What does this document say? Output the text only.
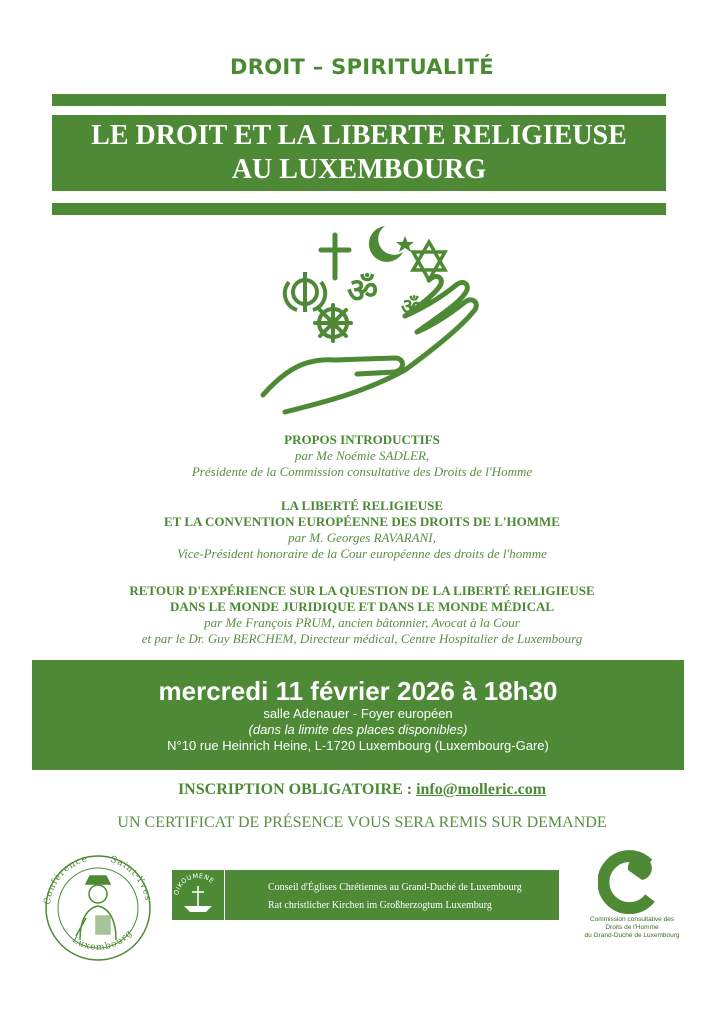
DROIT – SPIRITUALITÉ
LE DROIT ET LA LIBERTE RELIGIEUSE
AU LUXEMBOURG
ॐ ॐ
PROPOS INTRODUCTIFS
par Me Noémie SADLER,
Présidente de la Commission consultative des Droits de l'Homme
LA LIBERTÉ RELIGIEUSE
ET LA CONVENTION EUROPÉENNE DES DROITS DE L'HOMME
par M. Georges RAVARANI,
Vice-Président honoraire de la Cour européenne des droits de l'homme
RETOUR D'EXPÉRIENCE SUR LA QUESTION DE LA LIBERTÉ RELIGIEUSE
DANS LE MONDE JURIDIQUE ET DANS LE MONDE MÉDICAL
par Me François PRUM, ancien bâtonnier, Avocat à la Cour
et par le Dr. Guy BERCHEM, Directeur médical, Centre Hospitalier de Luxembourg
mercredi 11 février 2026 à 18h30
salle Adenauer - Foyer européen
(dans la limite des places disponibles)
N°10 rue Heinrich Heine, L-1720 Luxembourg (Luxembourg-Gare)
INSCRIPTION OBLIGATOIRE : info@molleric.com
UN CERTIFICAT DE PRÉSENCE VOUS SERA REMIS SUR DEMANDE
Conférence Saint-Yves
Luxembourg
OIKOUMENE
Conseil d'Églises Chrétiennes au Grand-Duché de Luxembourg
Rat christlicher Kirchen im Großherzogtum Luxemburg
Commission consultative des
Droits de l'Homme
du Grand-Duché de Luxembourg
